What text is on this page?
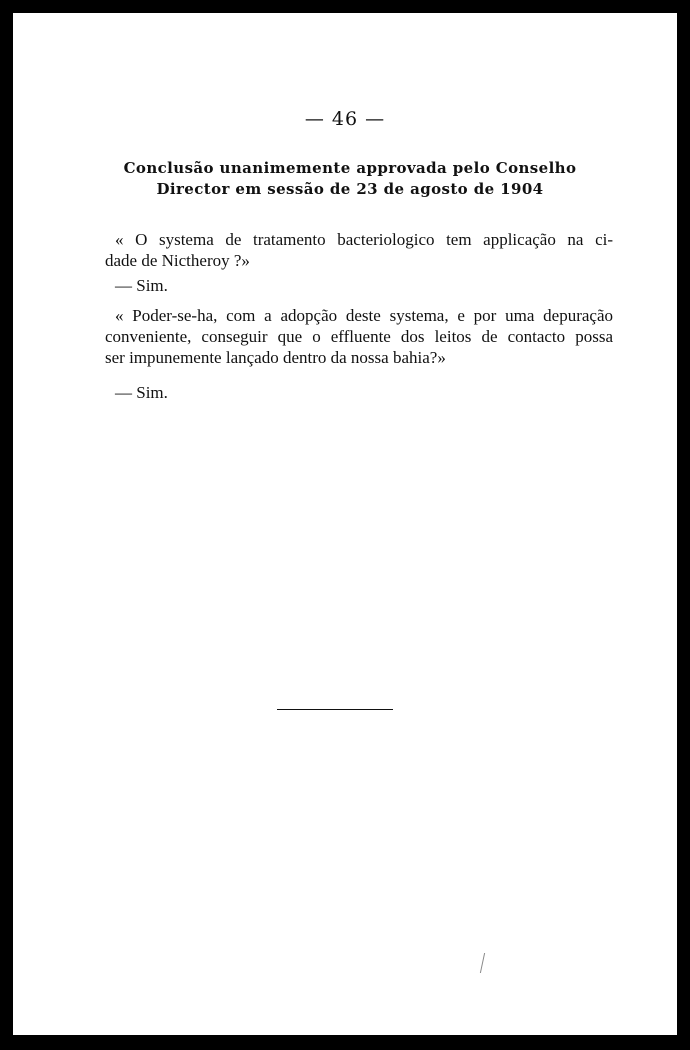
— 46 —
Conclusão unanimemente approvada pelo Conselho
Director em sessão de 23 de agosto de 1904
« O systema de tratamento bacteriologico tem applicação na ci-
dade de Nictheroy ?»
— Sim.
« Poder-se-ha, com a adopção deste systema, e por uma depuração
conveniente, conseguir que o effluente dos leitos de contacto possa
ser impunemente lançado dentro da nossa bahia?»
— Sim.
